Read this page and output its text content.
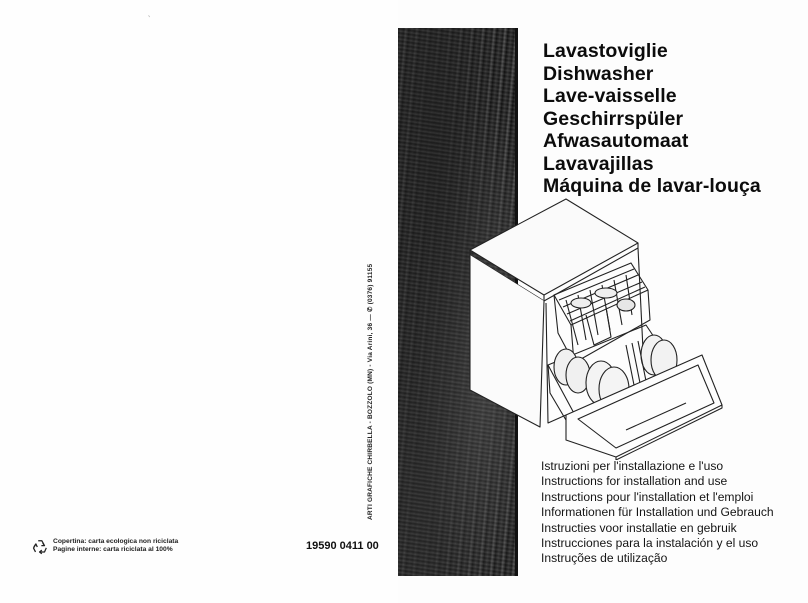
‵
Copertina: carta ecologica non riciclata
Pagine interne: carta riciclata al 100%	19590 0411 00
ARTI GRAFICHE CHIRBELLA - BOZZOLO (MN) - Via Arini, 36 — ✆ (0376) 91155
Lavastoviglie
Dishwasher
Lave-vaisselle
Geschirrspüler
Afwasautomaat
Lavavajillas
Máquina de lavar-louça
Istruzioni per l'installazione e l'uso
Instructions for installation and use
Instructions pour l'installation et l'emploi
Informationen für Installation und Gebrauch
Instructies voor installatie en gebruik
Instrucciones para la instalación y el uso
Instruções de utilização
